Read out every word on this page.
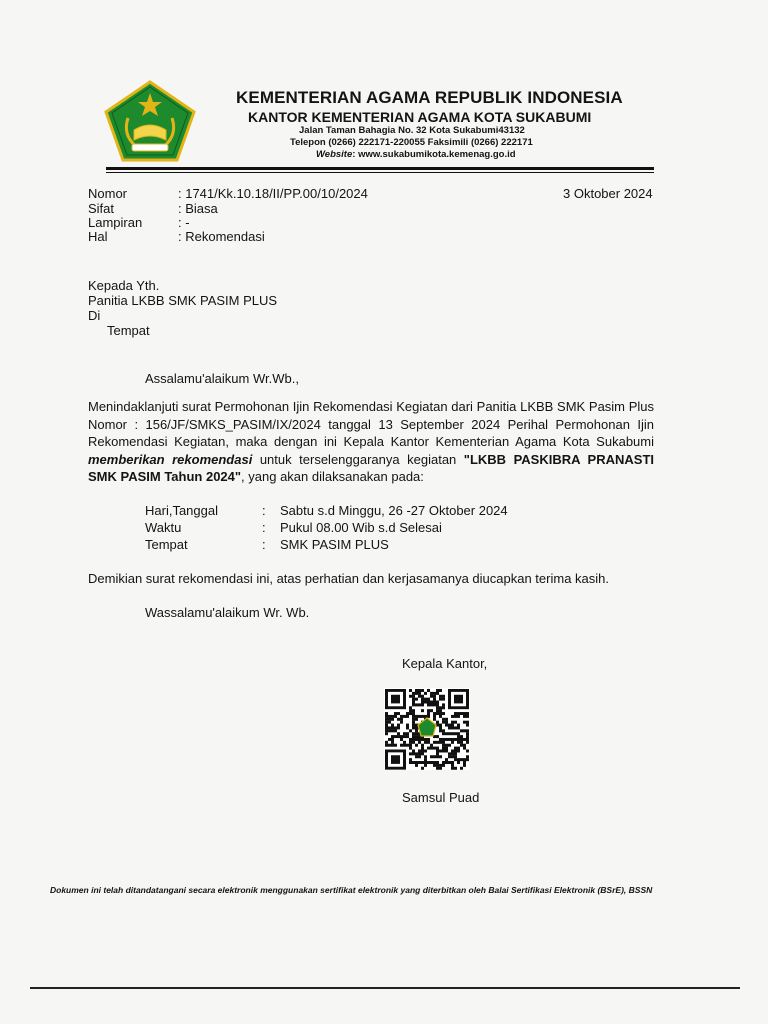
KEMENTERIAN AGAMA REPUBLIK INDONESIA
KANTOR KEMENTERIAN AGAMA KOTA SUKABUMI
Jalan Taman Bahagia No. 32 Kota Sukabumi43132
Telepon (0266) 222171-220055 Faksimili (0266) 222171
Website: www.sukabumikota.kemenag.go.id
Nomor	: 1741/Kk.10.18/II/PP.00/10/2024
Sifat	: Biasa
Lampiran	: -
Hal	: Rekomendasi
3 Oktober 2024
Kepada Yth.
Panitia LKBB SMK PASIM PLUS
Di
Tempat
Assalamu'alaikum Wr.Wb.,
Menindaklanjuti surat Permohonan Ijin Rekomendasi Kegiatan dari Panitia LKBB SMK Pasim Plus Nomor : 156/JF/SMKS_PASIM/IX/2024 tanggal 13 September 2024 Perihal Permohonan Ijin Rekomendasi Kegiatan, maka dengan ini Kepala Kantor Kementerian Agama Kota Sukabumi memberikan rekomendasi untuk terselenggaranya kegiatan "LKBB PASKIBRA PRANASTI SMK PASIM Tahun 2024", yang akan dilaksanakan pada:
Hari,Tanggal	: Sabtu s.d Minggu, 26 -27 Oktober 2024
Waktu	: Pukul 08.00 Wib s.d Selesai
Tempat	: SMK PASIM PLUS
Demikian surat rekomendasi ini, atas perhatian dan kerjasamanya diucapkan terima kasih.
Wassalamu'alaikum Wr. Wb.
Kepala Kantor,
Samsul Puad
Dokumen ini telah ditandatangani secara elektronik menggunakan sertifikat elektronik yang diterbitkan oleh Balai Sertifikasi Elektronik (BSrE), BSSN
